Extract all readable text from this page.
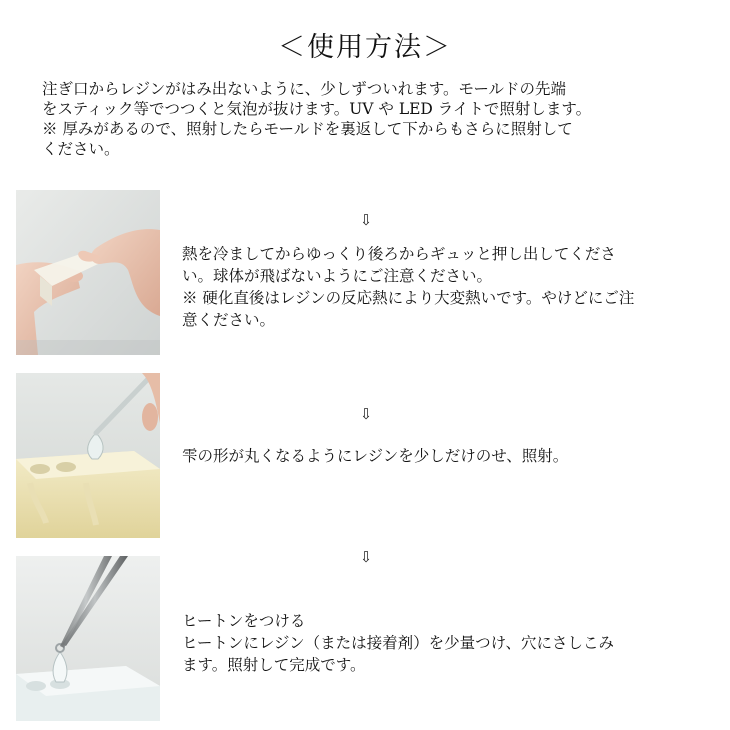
＜使用方法＞

注ぎ口からレジンがはみ出ないように、少しずついれます。モールドの先端

をスティック等でつつくと気泡が抜けます。UV や LED ライトで照射します。

※ 厚みがあるので、照射したらモールドを裏返して下からもさらに照射して

ください。

⇩

熱を冷ましてからゆっくり後ろからギュッと押し出してくださ

い。球体が飛ばないようにご注意ください。

※ 硬化直後はレジンの反応熱により大変熱いです。やけどにご注

意ください。

⇩

雫の形が丸くなるようにレジンを少しだけのせ、照射。

⇩

ヒートンをつける

ヒートンにレジン（または接着剤）を少量つけ、穴にさしこみ

ます。照射して完成です。
